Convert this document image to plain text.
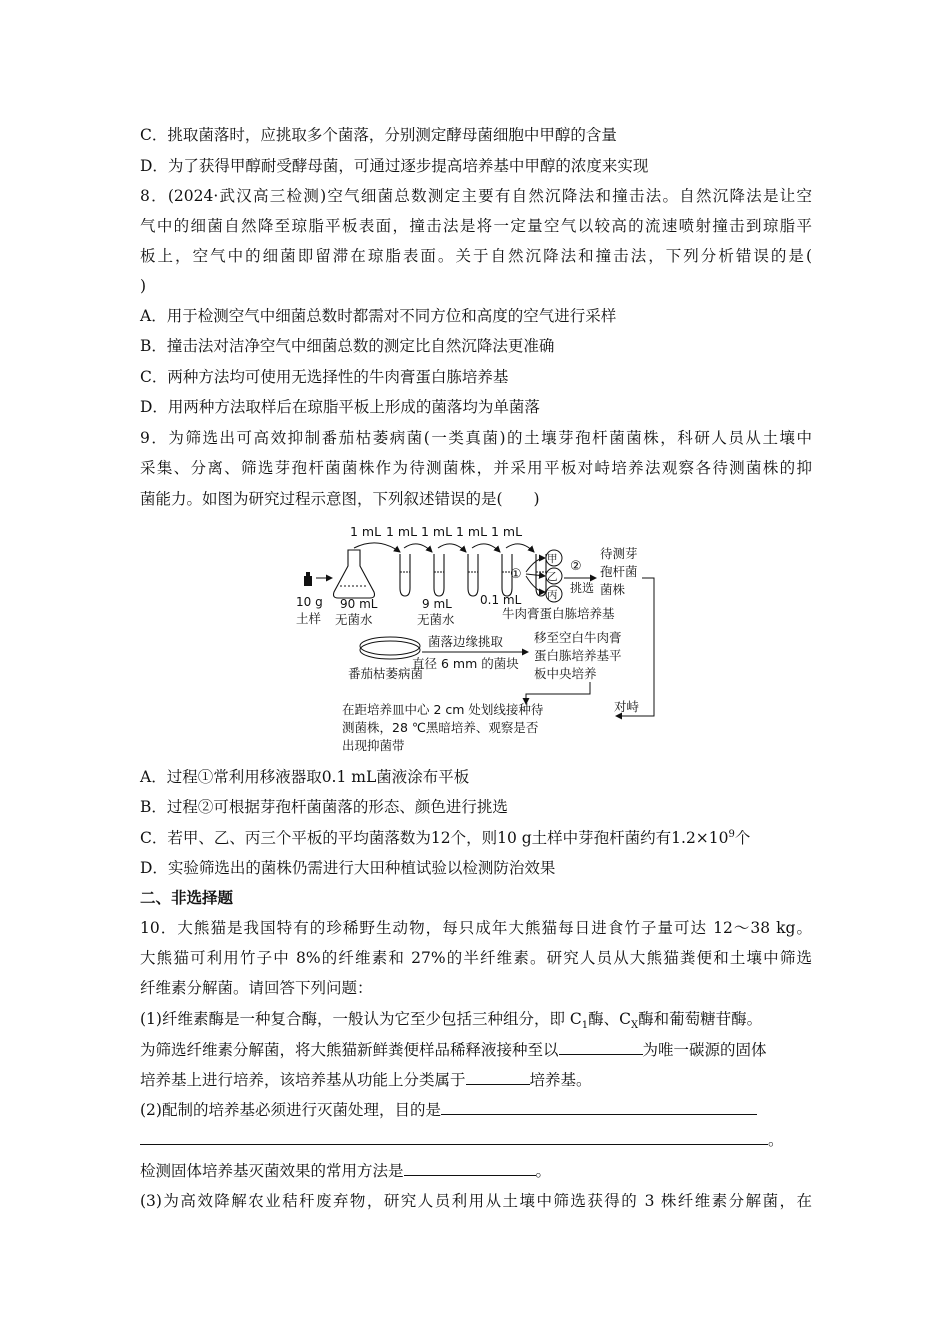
C．挑取菌落时，应挑取多个菌落，分别测定酵母菌细胞中甲醇的含量
D．为了获得甲醇耐受酵母菌，可通过逐步提高培养基中甲醇的浓度来实现
8．(2024·武汉高三检测)空气细菌总数测定主要有自然沉降法和撞击法。自然沉降法是让空
气中的细菌自然降至琼脂平板表面，撞击法是将一定量空气以较高的流速喷射撞击到琼脂平
板上，空气中的细菌即留滞在琼脂表面。关于自然沉降法和撞击法，下列分析错误的是(
)
A．用于检测空气中细菌总数时都需对不同方位和高度的空气进行采样
B．撞击法对洁净空气中细菌总数的测定比自然沉降法更准确
C．两种方法均可使用无选择性的牛肉膏蛋白胨培养基
D．用两种方法取样后在琼脂平板上形成的菌落均为单菌落
9．为筛选出可高效抑制番茄枯萎病菌(一类真菌)的土壤芽孢杆菌菌株，科研人员从土壤中
采集、分离、筛选芽孢杆菌菌株作为待测菌株，并采用平板对峙培养法观察各待测菌株的抑
菌能力。如图为研究过程示意图，下列叙述错误的是(　　)
1 mL 1 mL 1 mL 1 mL 1 mL
10 g
土样
90 mL
无菌水
9 mL
无菌水
0.1 mL
①
甲
乙
丙
②
挑选
待测芽
孢杆菌
菌株
牛肉膏蛋白胨培养基
对峙
番茄枯萎病菌
菌落边缘挑取
直径 6 mm 的菌块
移至空白牛肉膏
蛋白胨培养基平
板中央培养
在距培养皿中心 2 cm 处划线接种待
测菌株，28 ℃黑暗培养、观察是否
出现抑菌带
A．过程①常利用移液器取0.1 mL菌液涂布平板
B．过程②可根据芽孢杆菌菌落的形态、颜色进行挑选
C．若甲、乙、丙三个平板的平均菌落数为12个，则10 g土样中芽孢杆菌约有$1.2\times 10^9$个
D．实验筛选出的菌株仍需进行大田种植试验以检测防治效果
二、非选择题
10．大熊猫是我国特有的珍稀野生动物，每只成年大熊猫每日进食竹子量可达 12～38 kg。
大熊猫可利用竹子中 8%的纤维素和 27%的半纤维素。研究人员从大熊猫粪便和土壤中筛选
纤维素分解菌。请回答下列问题：
(1)纤维素酶是一种复合酶，一般认为它至少包括三种组分，即 $C_1$酶、$C_X$酶和葡萄糖苷酶。
为筛选纤维素分解菌，将大熊猫新鲜粪便样品稀释液接种至以	为唯一碳源的固体
培养基上进行培养，该培养基从功能上分类属于	培养基。
(2)配制的培养基必须进行灭菌处理，目的是
。
检测固体培养基灭菌效果的常用方法是	。
(3)为高效降解农业秸秆废弃物，研究人员利用从土壤中筛选获得的 3 株纤维素分解菌，在
